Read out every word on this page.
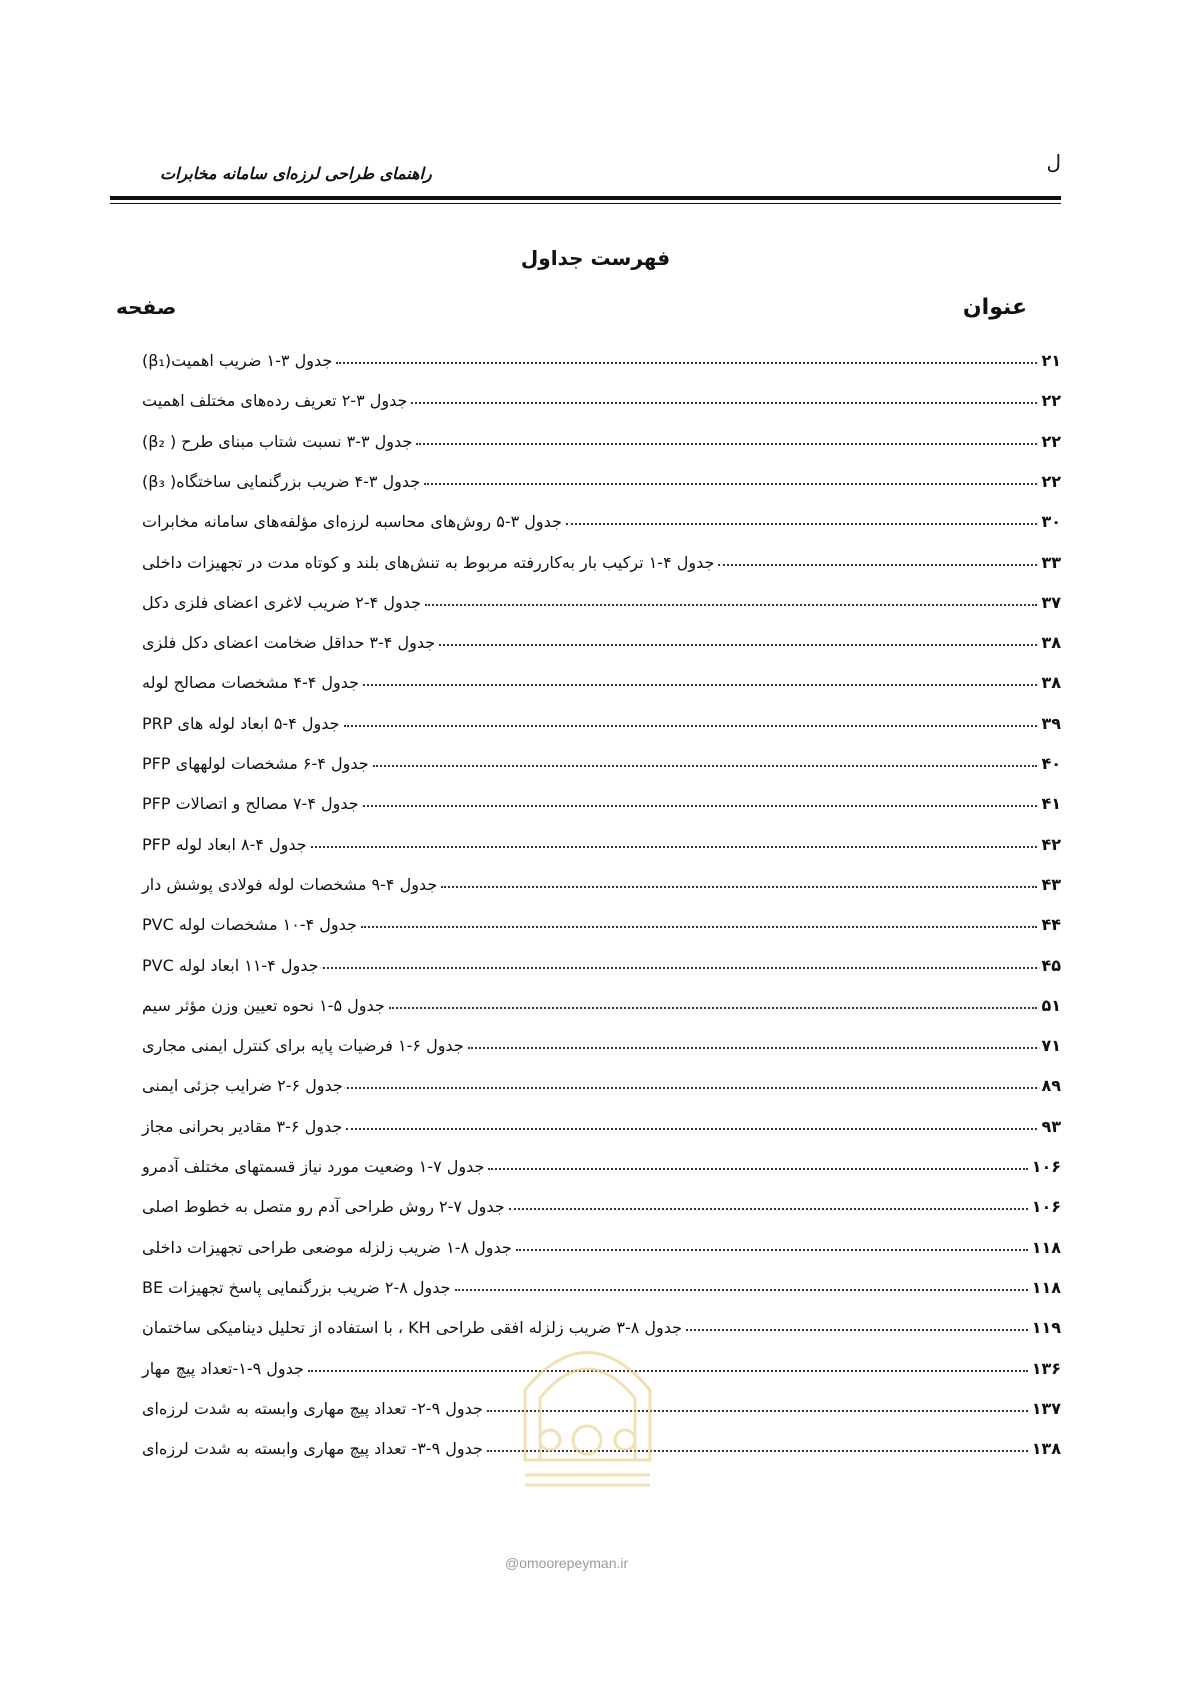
ل
راهنمای طراحی لرزه‌ای سامانه مخابرات
فهرست جداول
عنوان
صفحه
جدول ۳-۱ ضریب اهمیت(β₁)	۲۱
جدول ۳-۲ تعریف رده‌های مختلف اهمیت	۲۲
جدول ۳-۳ نسبت شتاب مبنای طرح ( β₂)	۲۲
جدول ۳-۴ ضریب بزرگنمایی ساختگاه( β₃)	۲۲
جدول ۳-۵ روش‌های محاسبه لرزه‌ای مؤلفه‌های سامانه مخابرات	۳۰
جدول ۴-۱ ترکیب بار به‌کاررفته مربوط به تنش‌های بلند و کوتاه مدت در تجهیزات داخلی	۳۳
جدول ۴-۲ ضریب لاغری اعضای فلزی دکل	۳۷
جدول ۴-۳ حداقل ضخامت اعضای دکل فلزی	۳۸
جدول ۴-۴ مشخصات مصالح لوله	۳۸
جدول ۴-۵ ابعاد لوله های PRP	۳۹
جدول ۴-۶ مشخصات لولههای PFP	۴۰
جدول ۴-۷ مصالح و اتصالات PFP	۴۱
جدول ۴-۸ ابعاد لوله PFP	۴۲
جدول ۴-۹ مشخصات لوله فولادی پوشش دار	۴۳
جدول ۴-۱۰ مشخصات لوله PVC	۴۴
جدول ۴-۱۱ ابعاد لوله PVC	۴۵
جدول ۵-۱ نحوه تعیین وزن مؤثر سیم	۵۱
جدول ۶-۱ فرضیات پایه برای کنترل ایمنی مجاری	۷۱
جدول ۶-۲ ضرایب جزئی ایمنی	۸۹
جدول ۶-۳ مقادیر بحرانی مجاز	۹۳
جدول ۷-۱ وضعیت مورد نیاز قسمتهای مختلف آدمرو	۱۰۶
جدول ۷-۲ روش طراحی آدم رو متصل به خطوط اصلی	۱۰۶
جدول ۸-۱ ضریب زلزله موضعی طراحی تجهیزات داخلی	۱۱۸
جدول ۸-۲ ضریب بزرگنمایی پاسخ تجهیزات BE	۱۱۸
جدول ۸-۳ ضریب زلزله افقی طراحی KH ، با استفاده از تحلیل دینامیکی ساختمان	۱۱۹
جدول ۹-۱-تعداد پیچ مهار	۱۳۶
جدول ۹-۲- تعداد پیچ مهاری وابسته به شدت لرزه‌ای	۱۳۷
جدول ۹-۳- تعداد پیچ مهاری وابسته به شدت لرزه‌ای	۱۳۸
@omoorepeyman.ir
